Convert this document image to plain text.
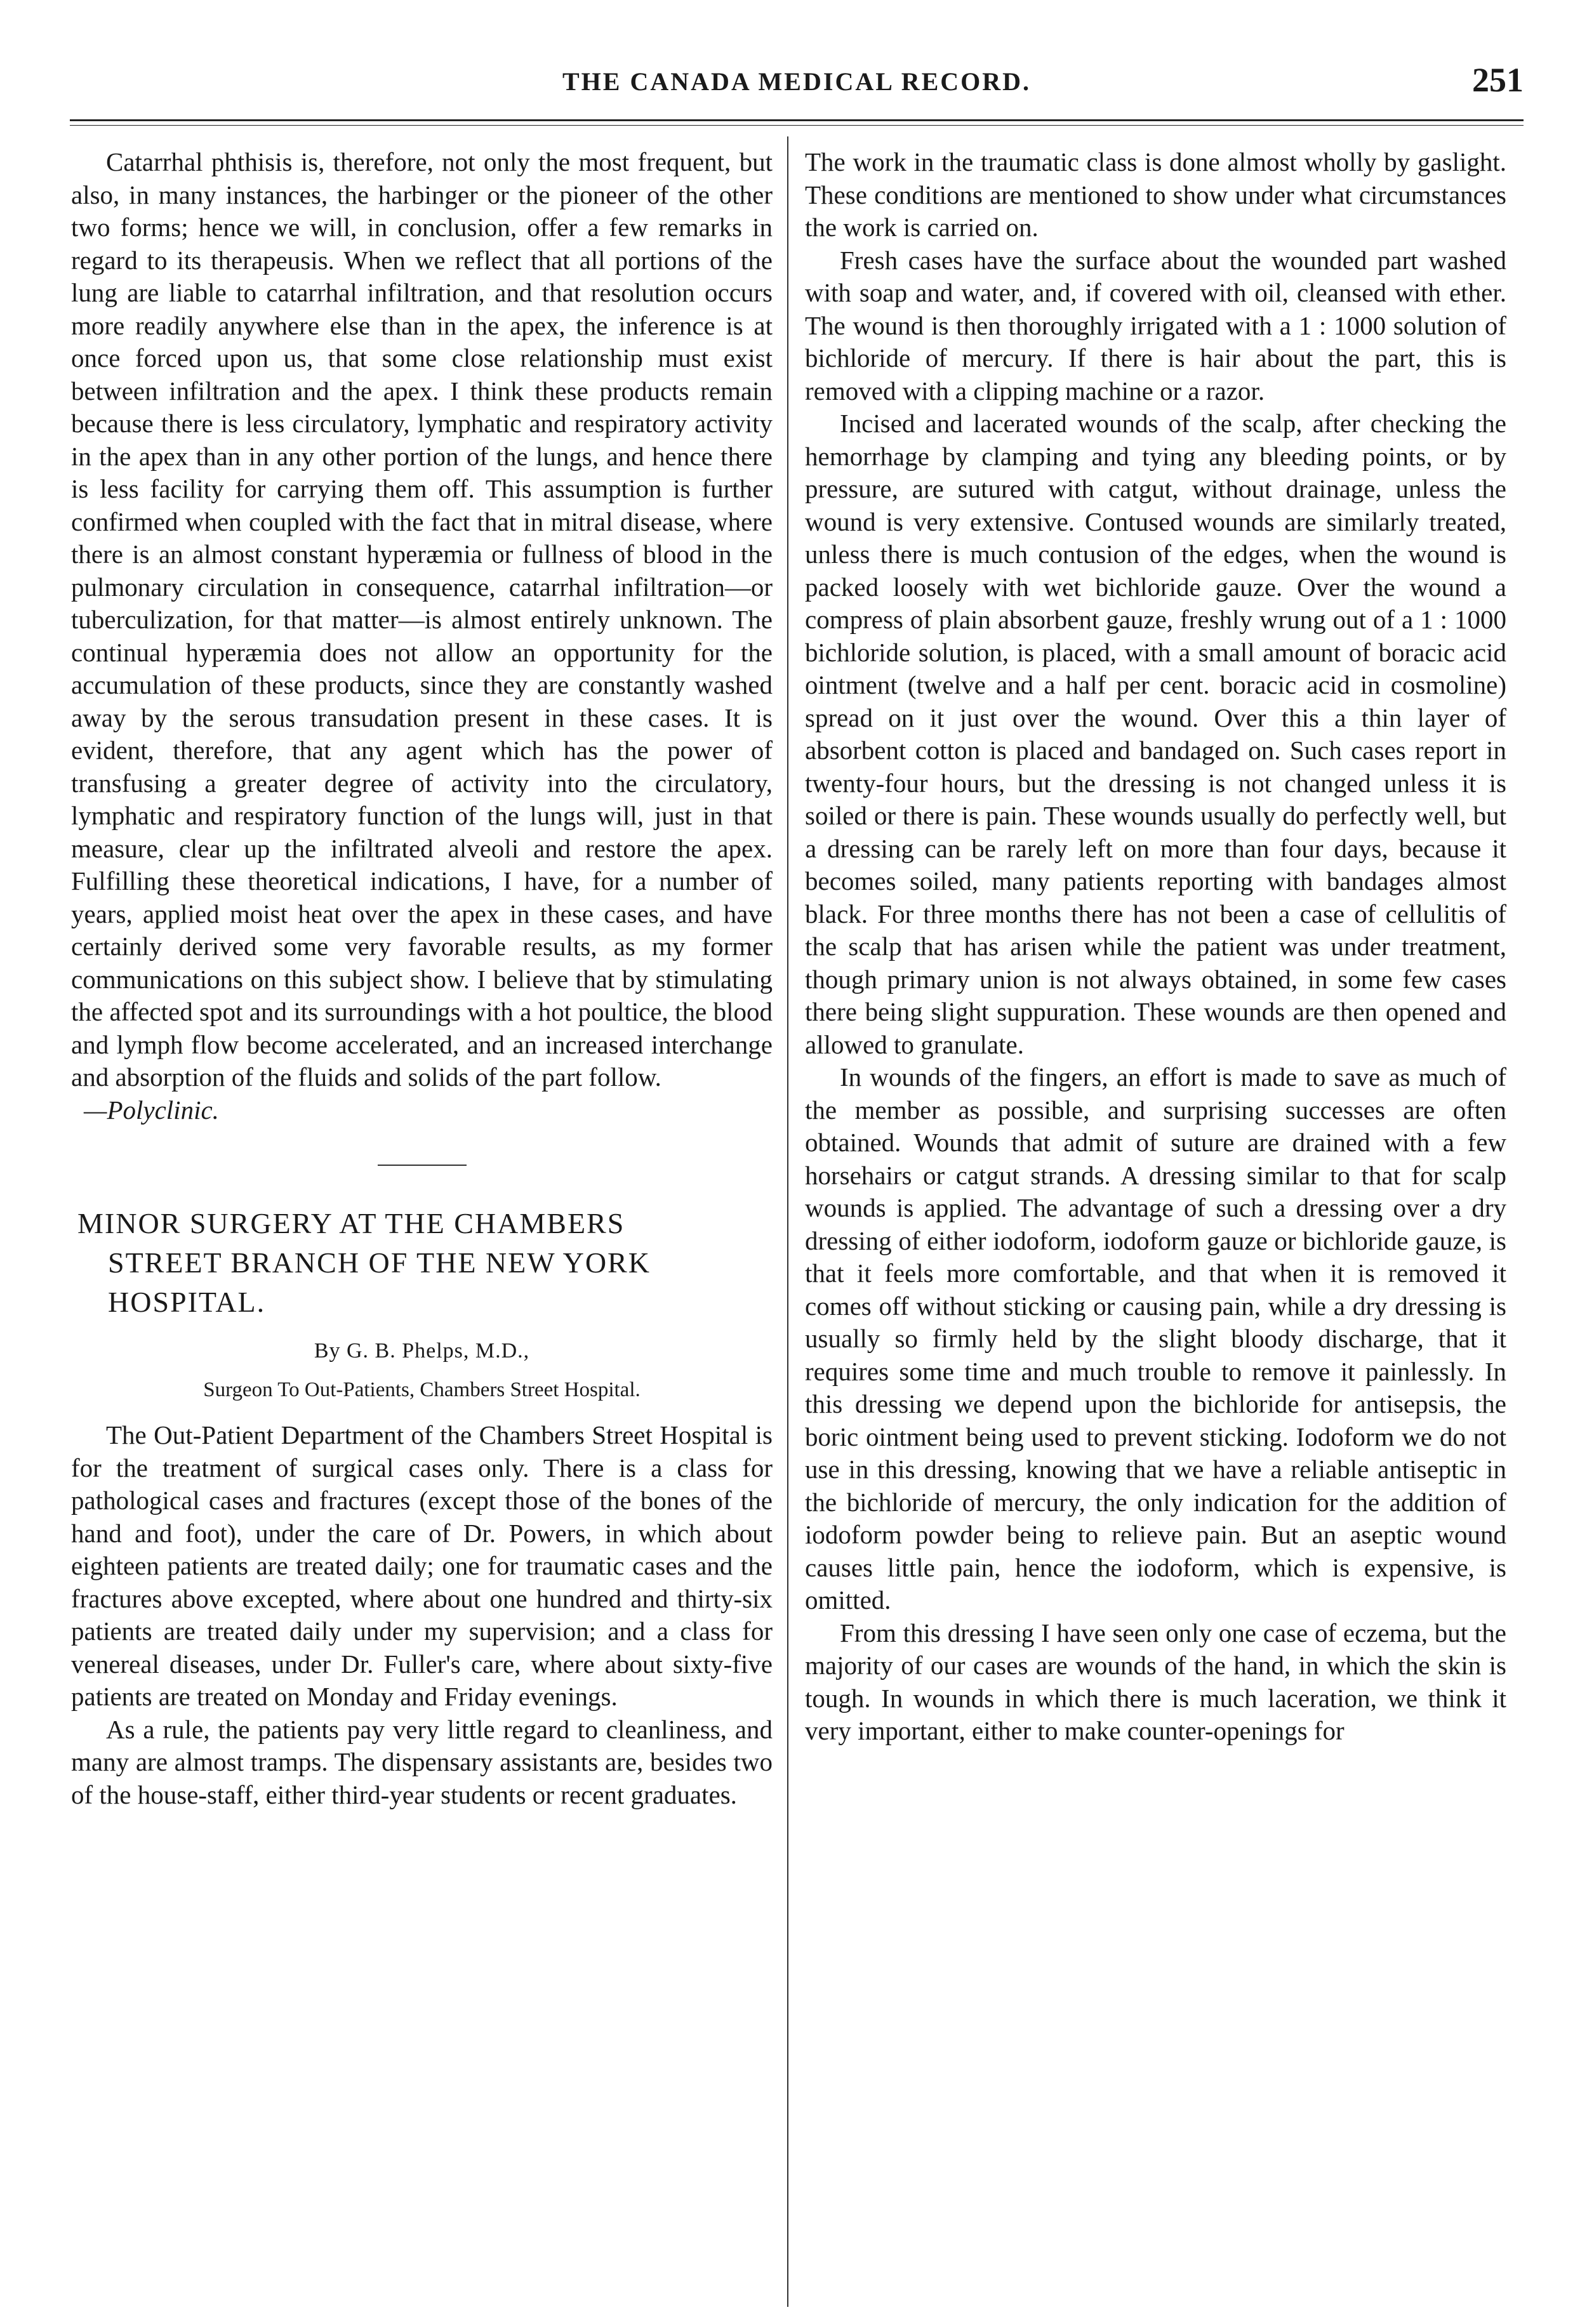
THE CANADA MEDICAL RECORD.	251

Catarrhal phthisis is, therefore, not only the most frequent, but also, in many instances, the harbinger or the pioneer of the other two forms; hence we will, in conclusion, offer a few remarks in regard to its therapeusis. When we reflect that all portions of the lung are liable to catarrhal infiltration, and that resolution occurs more readily anywhere else than in the apex, the inference is at once forced upon us, that some close relationship must exist between infiltration and the apex. I think these products remain because there is less circulatory, lymphatic and respiratory activity in the apex than in any other portion of the lungs, and hence there is less facility for carrying them off. This assumption is further confirmed when coupled with the fact that in mitral disease, where there is an almost constant hyperæmia or fullness of blood in the pulmonary circulation in consequence, catarrhal infiltration—or tuberculization, for that matter—is almost entirely unknown. The continual hyperæmia does not allow an opportunity for the accumulation of these products, since they are constantly washed away by the serous transudation present in these cases. It is evident, therefore, that any agent which has the power of transfusing a greater degree of activity into the circulatory, lymphatic and respiratory function of the lungs will, just in that measure, clear up the infiltrated alveoli and restore the apex. Fulfilling these theoretical indications, I have, for a number of years, applied moist heat over the apex in these cases, and have certainly derived some very favorable results, as my former communications on this subject show. I believe that by stimulating the affected spot and its surroundings with a hot poultice, the blood and lymph flow become accelerated, and an increased interchange and absorption of the fluids and solids of the part follow.

—Polyclinic.

MINOR SURGERY AT THE CHAMBERS
STREET BRANCH OF THE NEW YORK HOSPITAL.
By G. B. Phelps, M.D.,
Surgeon To Out-Patients, Chambers Street Hospital.

The Out-Patient Department of the Chambers Street Hospital is for the treatment of surgical cases only. There is a class for pathological cases and fractures (except those of the bones of the hand and foot), under the care of Dr. Powers, in which about eighteen patients are treated daily; one for traumatic cases and the fractures above excepted, where about one hundred and thirty-six patients are treated daily under my supervision; and a class for venereal diseases, under Dr. Fuller's care, where about sixty-five patients are treated on Monday and Friday evenings.

As a rule, the patients pay very little regard to cleanliness, and many are almost tramps. The dispensary assistants are, besides two of the house-staff, either third-year students or recent graduates.

The work in the traumatic class is done almost wholly by gaslight. These conditions are mentioned to show under what circumstances the work is carried on.

Fresh cases have the surface about the wounded part washed with soap and water, and, if covered with oil, cleansed with ether. The wound is then thoroughly irrigated with a 1 : 1000 solution of bichloride of mercury. If there is hair about the part, this is removed with a clipping machine or a razor.

Incised and lacerated wounds of the scalp, after checking the hemorrhage by clamping and tying any bleeding points, or by pressure, are sutured with catgut, without drainage, unless the wound is very extensive. Contused wounds are similarly treated, unless there is much contusion of the edges, when the wound is packed loosely with wet bichloride gauze. Over the wound a compress of plain absorbent gauze, freshly wrung out of a 1 : 1000 bichloride solution, is placed, with a small amount of boracic acid ointment (twelve and a half per cent. boracic acid in cosmoline) spread on it just over the wound. Over this a thin layer of absorbent cotton is placed and bandaged on. Such cases report in twenty-four hours, but the dressing is not changed unless it is soiled or there is pain. These wounds usually do perfectly well, but a dressing can be rarely left on more than four days, because it becomes soiled, many patients reporting with bandages almost black. For three months there has not been a case of cellulitis of the scalp that has arisen while the patient was under treatment, though primary union is not always obtained, in some few cases there being slight suppuration. These wounds are then opened and allowed to granulate.

In wounds of the fingers, an effort is made to save as much of the member as possible, and surprising successes are often obtained. Wounds that admit of suture are drained with a few horsehairs or catgut strands. A dressing similar to that for scalp wounds is applied. The advantage of such a dressing over a dry dressing of either iodoform, iodoform gauze or bichloride gauze, is that it feels more comfortable, and that when it is removed it comes off without sticking or causing pain, while a dry dressing is usually so firmly held by the slight bloody discharge, that it requires some time and much trouble to remove it painlessly. In this dressing we depend upon the bichloride for antisepsis, the boric ointment being used to prevent sticking. Iodoform we do not use in this dressing, knowing that we have a reliable antiseptic in the bichloride of mercury, the only indication for the addition of iodoform powder being to relieve pain. But an aseptic wound causes little pain, hence the iodoform, which is expensive, is omitted.

From this dressing I have seen only one case of eczema, but the majority of our cases are wounds of the hand, in which the skin is tough. In wounds in which there is much laceration, we think it very important, either to make counter-openings for
